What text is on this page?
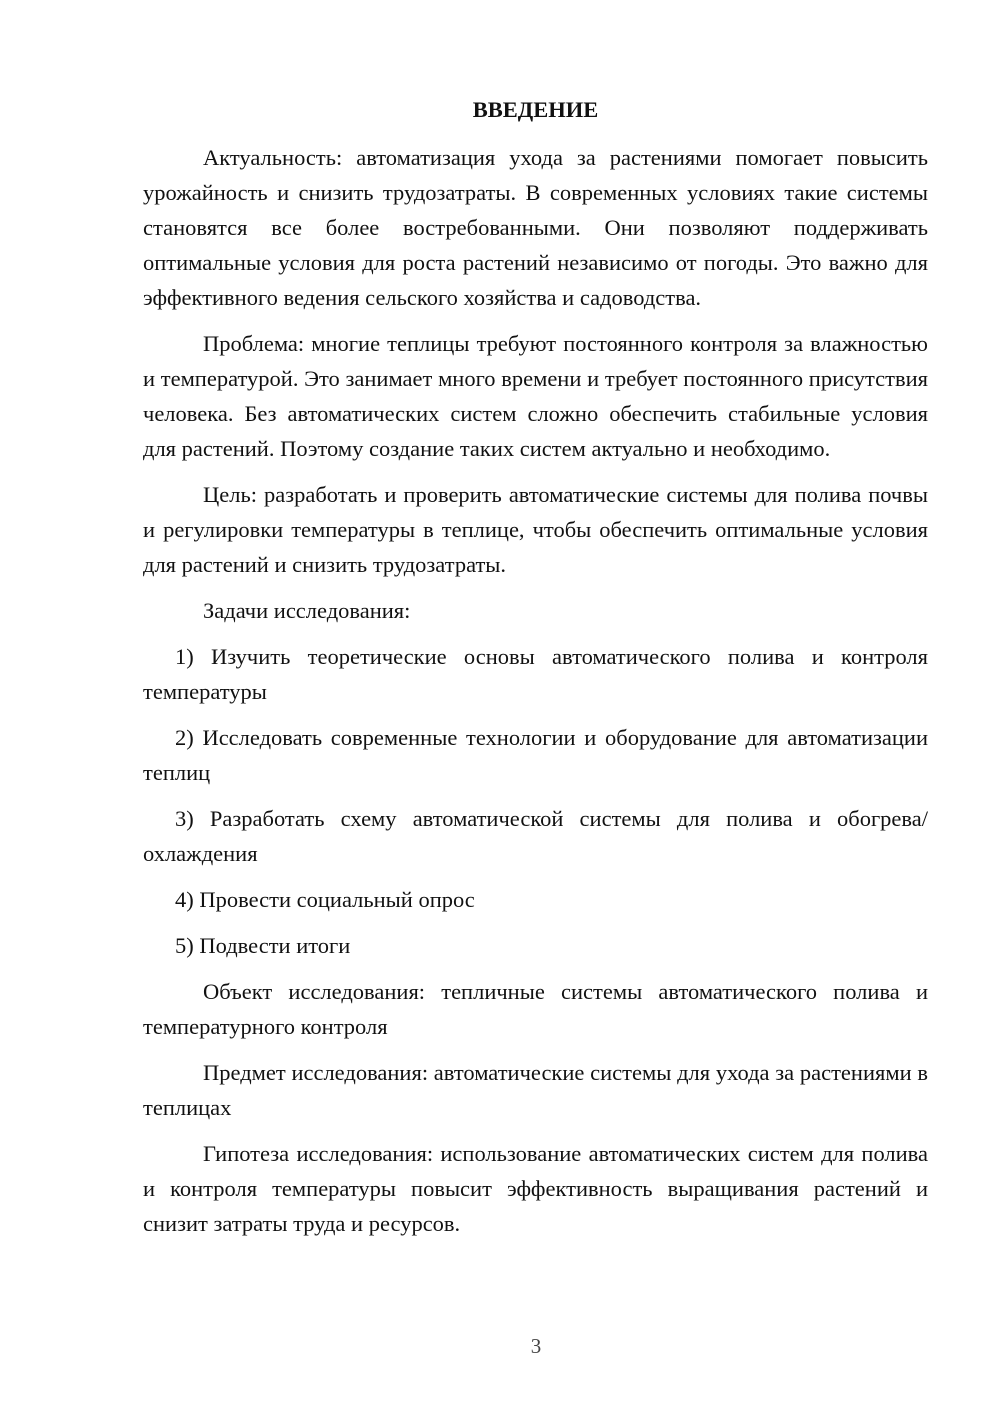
ВВЕДЕНИЕ

Актуальность: автоматизация ухода за растениями помогает повысить урожайность и снизить трудозатраты. В современных условиях такие системы становятся все более востребованными. Они позволяют поддерживать оптимальные условия для роста растений независимо от погоды. Это важно для эффективного ведения сельского хозяйства и садоводства.

Проблема: многие теплицы требуют постоянного контроля за влажностью и температурой. Это занимает много времени и требует постоянного присутствия человека. Без автоматических систем сложно обеспечить стабильные условия для растений. Поэтому создание таких систем актуально и необходимо.

Цель: разработать и проверить автоматические системы для полива почвы и регулировки температуры в теплице, чтобы обеспечить оптимальные условия для растений и снизить трудозатраты.

Задачи исследования:

1) Изучить теоретические основы автоматического полива и контроля температуры

2) Исследовать современные технологии и оборудование для автоматизации теплиц

3) Разработать схему автоматической системы для полива и обогрева/охлаждения

4) Провести социальный опрос

5) Подвести итоги

Объект исследования: тепличные системы автоматического полива и температурного контроля

Предмет исследования: автоматические системы для ухода за растениями в теплицах

Гипотеза исследования: использование автоматических систем для полива и контроля температуры повысит эффективность выращивания растений и снизит затраты труда и ресурсов.

3
